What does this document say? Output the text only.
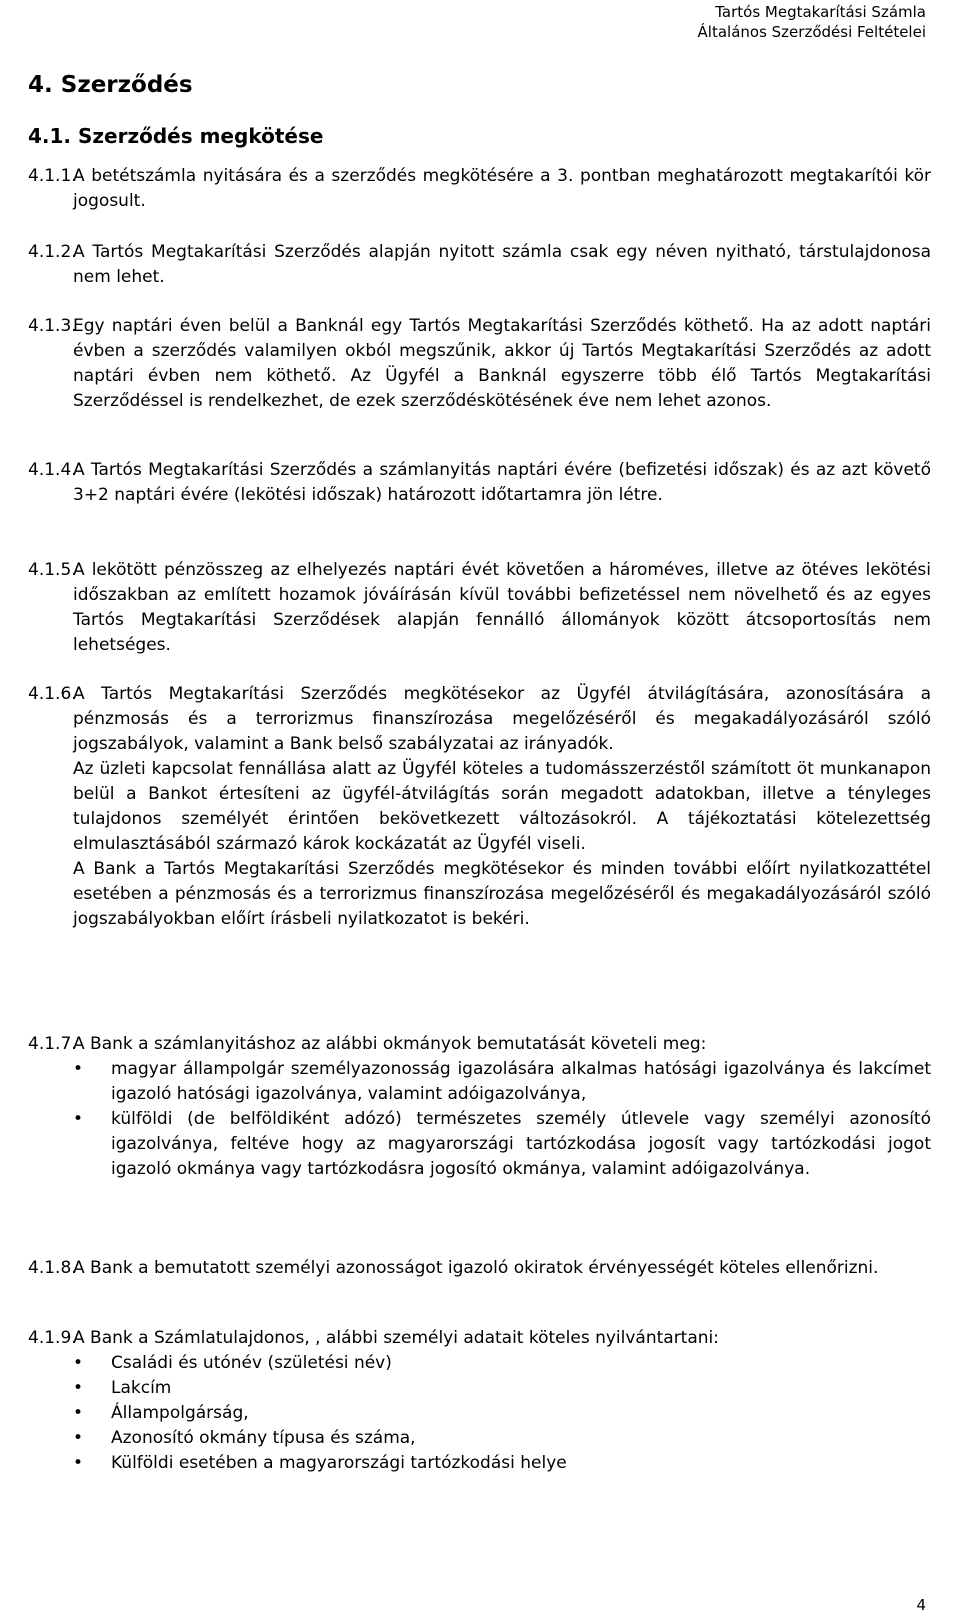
Tartós Megtakarítási Számla
Általános Szerződési Feltételei
4. Szerződés
4.1. Szerződés megkötése
4.1.1.

A betétszámla nyitására és a szerződés megkötésére a 3. pontban meghatározott megtakarítói kör jogosult.

4.1.2.

A Tartós Megtakarítási Szerződés alapján nyitott számla csak egy néven nyitható, társtulajdonosa nem lehet.

4.1.3.

Egy naptári éven belül a Banknál egy Tartós Megtakarítási Szerződés köthető. Ha az adott naptári évben a szerződés valamilyen okból megszűnik, akkor új Tartós Megtakarítási Szerződés az adott naptári évben nem köthető. Az Ügyfél a Banknál egyszerre több élő Tartós Megtakarítási Szerződéssel is rendelkezhet, de ezek szerződéskötésének éve nem lehet azonos.

4.1.4.

A Tartós Megtakarítási Szerződés a számlanyitás naptári évére (befizetési időszak) és az azt követő 3+2 naptári évére (lekötési időszak) határozott időtartamra jön létre.

4.1.5.

A lekötött pénzösszeg az elhelyezés naptári évét követően a hároméves, illetve az ötéves lekötési időszakban az említett hozamok jóváírásán kívül további befizetéssel nem növelhető és az egyes Tartós Megtakarítási Szerződések alapján fennálló állományok között átcsoportosítás nem lehetséges.

4.1.6.

A Tartós Megtakarítási Szerződés megkötésekor az Ügyfél átvilágítására, azonosítására a pénzmosás és a terrorizmus finanszírozása megelőzéséről és megakadályozásáról szóló jogszabályok, valamint a Bank belső szabályzatai az irányadók.

Az üzleti kapcsolat fennállása alatt az Ügyfél köteles a tudomásszerzéstől számított öt munkanapon belül a Bankot értesíteni az ügyfél-átvilágítás során megadott adatokban, illetve a tényleges tulajdonos személyét érintően bekövetkezett változásokról. A tájékoztatási kötelezettség elmulasztásából származó károk kockázatát az Ügyfél viseli.

A Bank a Tartós Megtakarítási Szerződés megkötésekor és minden további előírt nyilatkozattétel esetében a pénzmosás és a terrorizmus finanszírozása megelőzéséről és megakadályozásáról szóló jogszabályokban előírt írásbeli nyilatkozatot is bekéri.

4.1.7.

A Bank a számlanyitáshoz az alábbi okmányok bemutatását követeli meg:

• magyar állampolgár személyazonosság igazolására alkalmas hatósági igazolványa és lakcímet igazoló hatósági igazolványa, valamint adóigazolványa,
• külföldi (de belföldiként adózó) természetes személy útlevele vagy személyi azonosító igazolványa, feltéve hogy az magyarországi tartózkodása jogosít vagy tartózkodási jogot igazoló okmánya vagy tartózkodásra jogosító okmánya, valamint adóigazolványa.
4.1.8.

A Bank a bemutatott személyi azonosságot igazoló okiratok érvényességét köteles ellenőrizni.

4.1.9.

A Bank a Számlatulajdonos, , alábbi személyi adatait köteles nyilvántartani:

• Családi és utónév (születési név)
• Lakcím
• Állampolgárság,
• Azonosító okmány típusa és száma,
• Külföldi esetében a magyarországi tartózkodási helye
4
